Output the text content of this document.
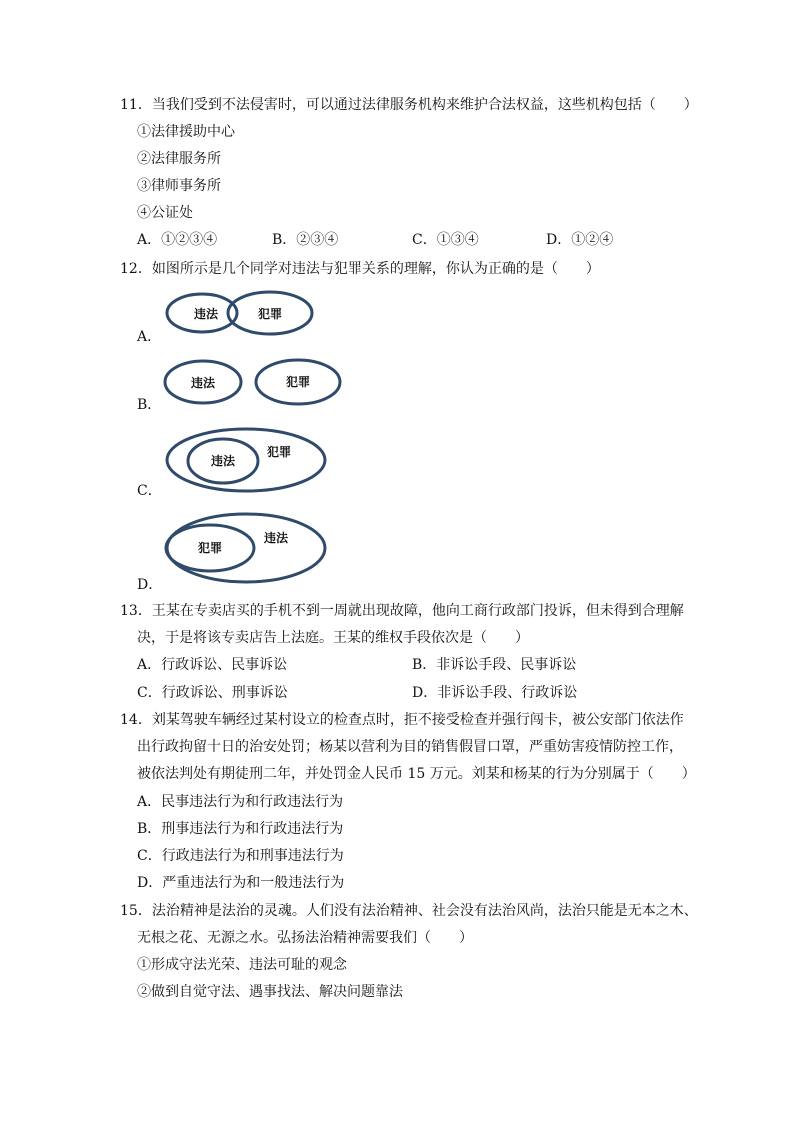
11．当我们受到不法侵害时，可以通过法律服务机构来维护合法权益，这些机构包括（　　）
①法律援助中心
②法律服务所
③律师事务所
④公证处
A．①②③④	B．②③④	C．①③④	D．①②④
12．如图所示是几个同学对违法与犯罪关系的理解，你认为正确的是（　　）
A．
违法	犯罪
B．
违法	犯罪
C．
违法
犯罪
D．
犯罪
违法
13．王某在专卖店买的手机不到一周就出现故障，他向工商行政部门投诉，但未得到合理解
决，于是将该专卖店告上法庭。王某的维权手段依次是（　　）
A．行政诉讼、民事诉讼	B．非诉讼手段、民事诉讼
C．行政诉讼、刑事诉讼	D．非诉讼手段、行政诉讼
14．刘某驾驶车辆经过某村设立的检查点时，拒不接受检查并强行闯卡，被公安部门依法作
出行政拘留十日的治安处罚；杨某以营利为目的销售假冒口罩，严重妨害疫情防控工作，
被依法判处有期徒刑二年，并处罚金人民币 15 万元。刘某和杨某的行为分别属于（　　）
A．民事违法行为和行政违法行为
B．刑事违法行为和行政违法行为
C．行政违法行为和刑事违法行为
D．严重违法行为和一般违法行为
15．法治精神是法治的灵魂。人们没有法治精神、社会没有法治风尚，法治只能是无本之木、
无根之花、无源之水。弘扬法治精神需要我们（　　）
①形成守法光荣、违法可耻的观念
②做到自觉守法、遇事找法、解决问题靠法
